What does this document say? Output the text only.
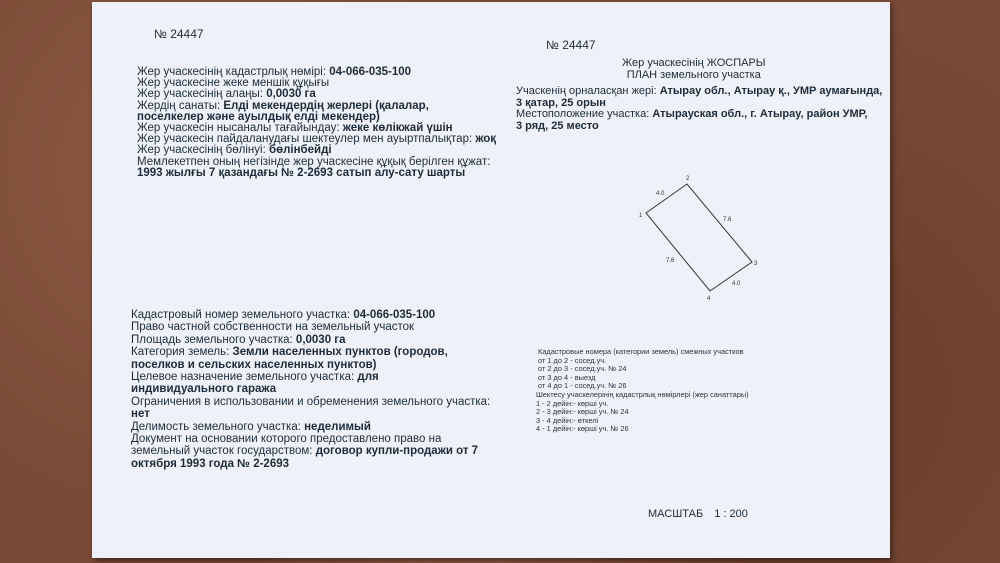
№ 24447
Жер учаскесінің кадастрлық нөмірі: 04-066-035-100
Жер учаскесіне жеке меншік құқығы
Жер учаскесінің алаңы: 0,0030 га
Жердің санаты: Елді мекендердің жерлері (қалалар,
поселкелер және ауылдық елді мекендер)
Жер учаскесін нысаналы тағайындау: жеке көлікжай үшін
Жер учаскесін пайдаланудағы шектеулер мен ауыртпалықтар: жоқ
Жер учаскесінің бөлінуі: бөлінбейді
Мемлекетпен оның негізінде жер учаскесіне құқық берілген құжат:
1993 жылғы 7 қазандағы № 2-2693 сатып алу-сату шарты
Кадастровый номер земельного участка: 04-066-035-100
Право частной собственности на земельный участок
Площадь земельного участка: 0,0030 га
Категория земель: Земли населенных пунктов (городов,
поселков и сельских населенных пунктов)
Целевое назначение земельного участка: для
индивидуального гаража
Ограничения в использовании и обременения земельного участка:
нет
Делимость земельного участка: неделимый
Документ на основании которого предоставлено право на
земельный участок государством: договор купли-продажи от 7
октября 1993 года № 2-2693
№ 24447
Жер учаскесінің ЖОСПАРЫ
ПЛАН земельного участка
Учаскенің орналасқан жері: Атырау обл., Атырау қ., УМР аумағында,
3 қатар, 25 орын
Местоположение участка: Атырауская обл., г. Атырау, район УМР,
3 ряд, 25 место
1
2
3
4
4.0
7.6
4.0
7.6
Кадастровые номера (категории земель) смежных участков
от 1 до 2 - сосед.уч.
от 2 до 3 - сосед.уч. № 24
от 3 до 4 - выезд
от 4 до 1 - сосед.уч. № 26
Шектесу учаскелерінің кадастрлық нөмірлері (жер санаттары)
1 - 2 дейін:- көрші уч.
2 - 3 дейін:- көрші уч. № 24
3 - 4 дейін:- өткелі
4 - 1 дейін:- көрші уч. № 26
МАСШТАБ 1 : 200
